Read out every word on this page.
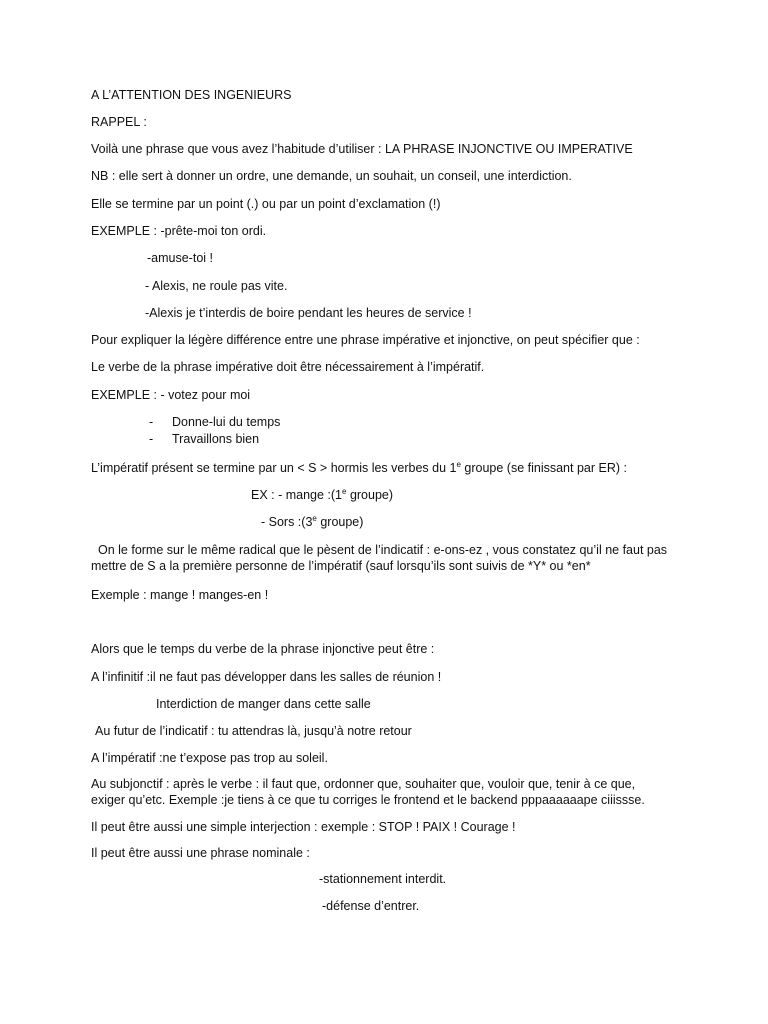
A L’ATTENTION DES INGENIEURS
RAPPEL :
Voilà une phrase que vous avez l’habitude d’utiliser : LA PHRASE INJONCTIVE OU IMPERATIVE
NB : elle sert à donner un ordre, une demande, un souhait, un conseil, une interdiction.
Elle se termine par un point (.) ou par un point d’exclamation (!)
EXEMPLE : -prête-moi ton ordi.
-amuse-toi !
- Alexis, ne roule pas vite.
-Alexis je t’interdis de boire pendant les heures de service !
Pour expliquer la légère différence entre une phrase impérative et injonctive, on peut spécifier que :
Le verbe de la phrase impérative doit être nécessairement à l’impératif.
EXEMPLE : - votez pour moi
- Donne-lui du temps
- Travaillons bien
L’impératif présent se termine par un < S > hormis les verbes du 1e groupe (se finissant par ER) :
EX : - mange :(1e groupe)
- Sors :(3e groupe)
On le forme sur le même radical que le pèsent de l’indicatif : e-ons-ez , vous constatez qu’il ne faut pas mettre de S a la première personne de l’impératif (sauf lorsqu’ils sont suivis de *Y* ou *en*
Exemple : mange ! manges-en !
Alors que le temps du verbe de la phrase injonctive peut être :
A l’infinitif :il ne faut pas développer dans les salles de réunion !
Interdiction de manger dans cette salle
Au futur de l’indicatif : tu attendras là, jusqu’à notre retour
A l’impératif :ne t’expose pas trop au soleil.
Au subjonctif : après le verbe : il faut que, ordonner que, souhaiter que, vouloir que, tenir à ce que, exiger qu’etc. Exemple :je tiens à ce que tu corriges le frontend et le backend pppaaaaaape ciiissse.
Il peut être aussi une simple interjection : exemple : STOP ! PAIX ! Courage !
Il peut être aussi une phrase nominale :
-stationnement interdit.
-défense d’entrer.
